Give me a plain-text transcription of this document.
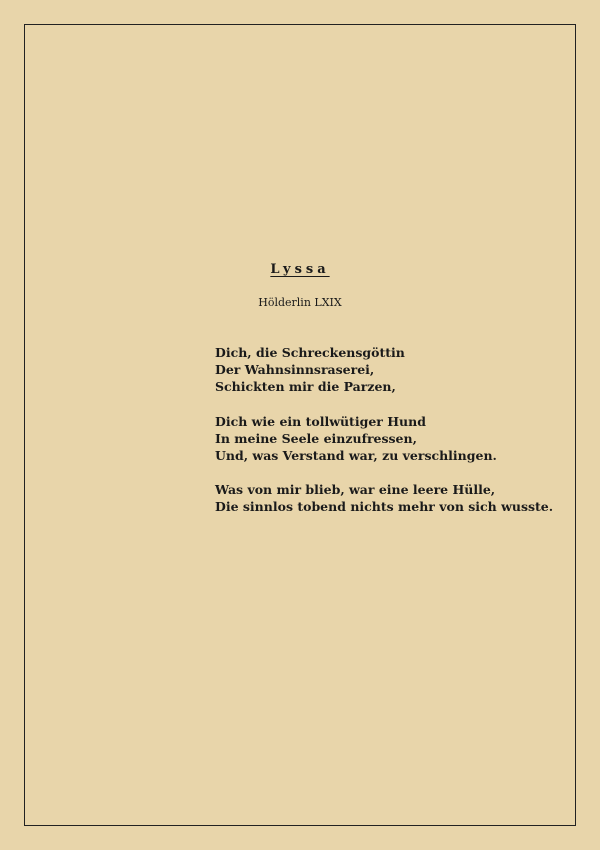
Lyssa

Hölderlin LXIX

Dich, die Schreckensgöttin
Der Wahnsinnsraserei,
Schickten mir die Parzen,
Dich wie ein tollwütiger Hund
In meine Seele einzufressen,
Und, was Verstand war, zu verschlingen.
Was von mir blieb, war eine leere Hülle,
Die sinnlos tobend nichts mehr von sich wusste.
